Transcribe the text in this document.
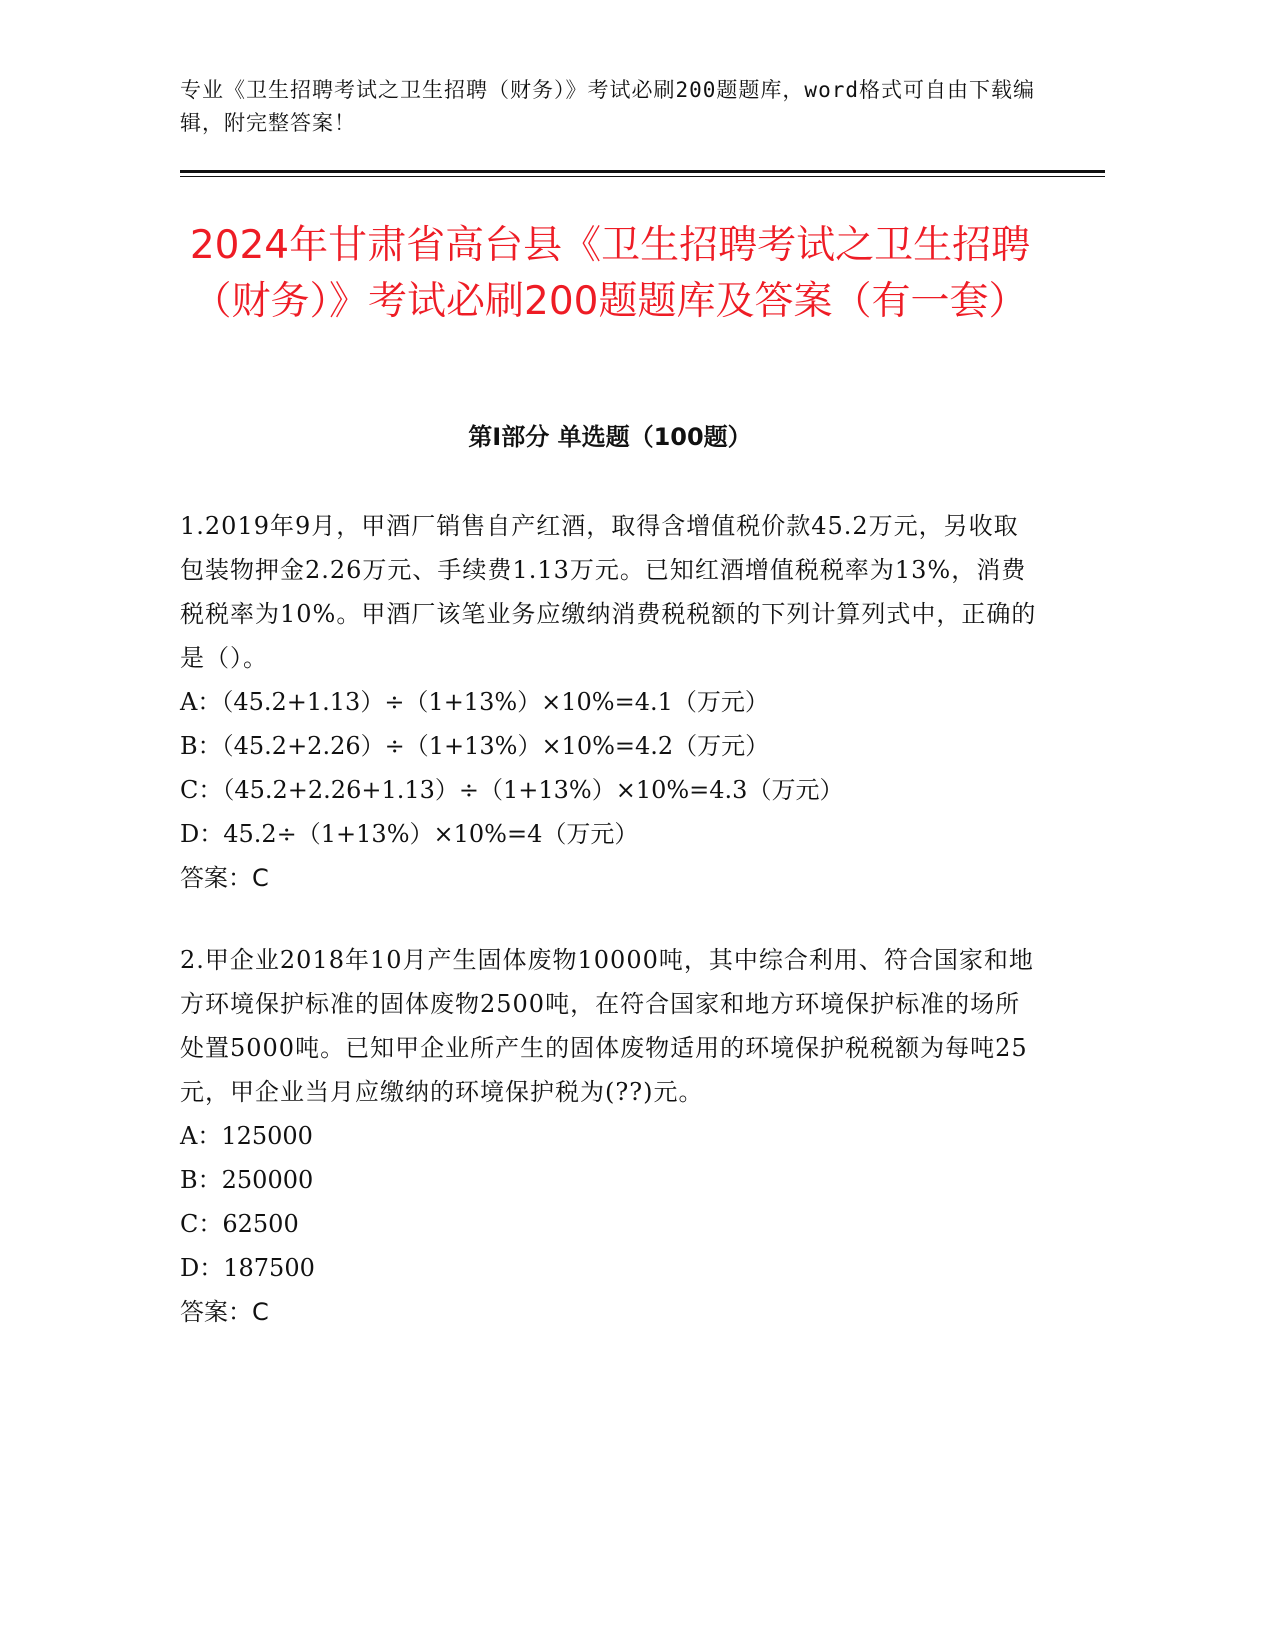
专业《卫生招聘考试之卫生招聘（财务）》考试必刷200题题库，word格式可自由下载编辑，附完整答案！
2024年甘肃省高台县《卫生招聘考试之卫生招聘（财务）》考试必刷200题题库及答案（有一套）
第I部分 单选题（100题）
1.2019年9月，甲酒厂销售自产红酒，取得含增值税价款45.2万元，另收取包装物押金2.26万元、手续费1.13万元。已知红酒增值税税率为13%，消费税税率为10%。甲酒厂该笔业务应缴纳消费税税额的下列计算列式中，正确的是（）。
A：（45.2+1.13）÷（1+13%）×10%=4.1（万元）
B：（45.2+2.26）÷（1+13%）×10%=4.2（万元）
C：（45.2+2.26+1.13）÷（1+13%）×10%=4.3（万元）
D：45.2÷（1+13%）×10%=4（万元）
答案：C
2.甲企业2018年10月产生固体废物10000吨，其中综合利用、符合国家和地方环境保护标准的固体废物2500吨，在符合国家和地方环境保护标准的场所处置5000吨。已知甲企业所产生的固体废物适用的环境保护税税额为每吨25元，甲企业当月应缴纳的环境保护税为(??)元。
A：125000
B：250000
C：62500
D：187500
答案：C
